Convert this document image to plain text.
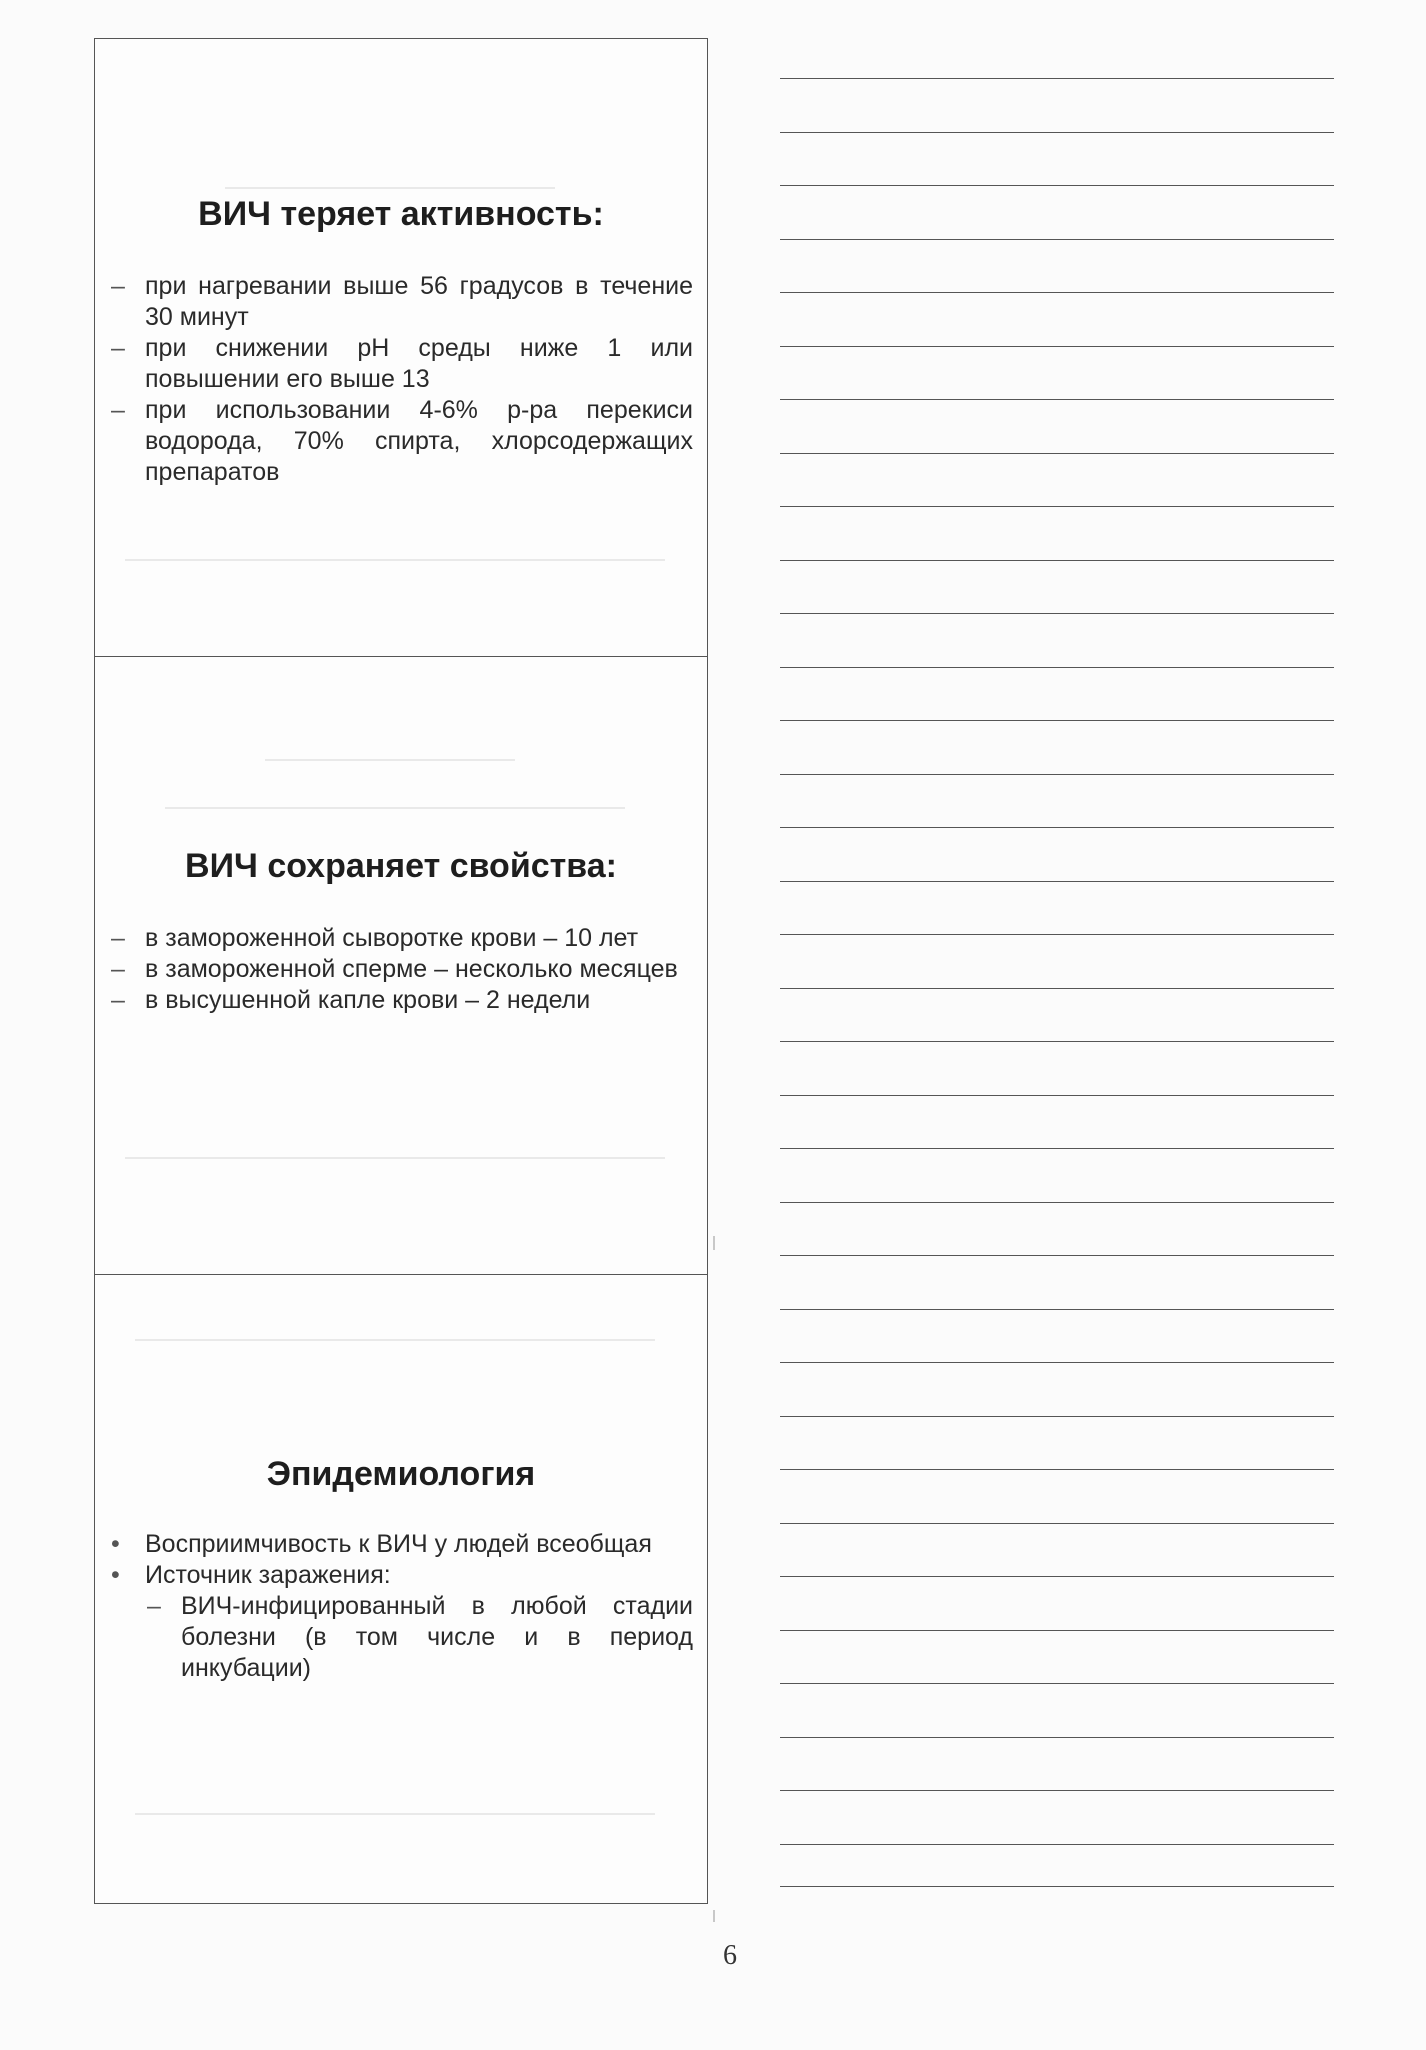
ВИЧ теряет активность:
– при нагревании выше 56 градусов в течение 30 минут
– при снижении pH среды ниже 1 или повышении его выше 13
– при использовании 4-6% р-ра перекиси водорода, 70% спирта, хлорсодержащих препаратов
ВИЧ сохраняет свойства:
– в замороженной сыворотке крови – 10 лет
– в замороженной сперме – несколько месяцев
– в высушенной капле крови – 2 недели
Эпидемиология
• Восприимчивость к ВИЧ у людей всеобщая
• Источник заражения:
– ВИЧ-инфицированный в любой стадии болезни (в том числе и в период инкубации)
6
